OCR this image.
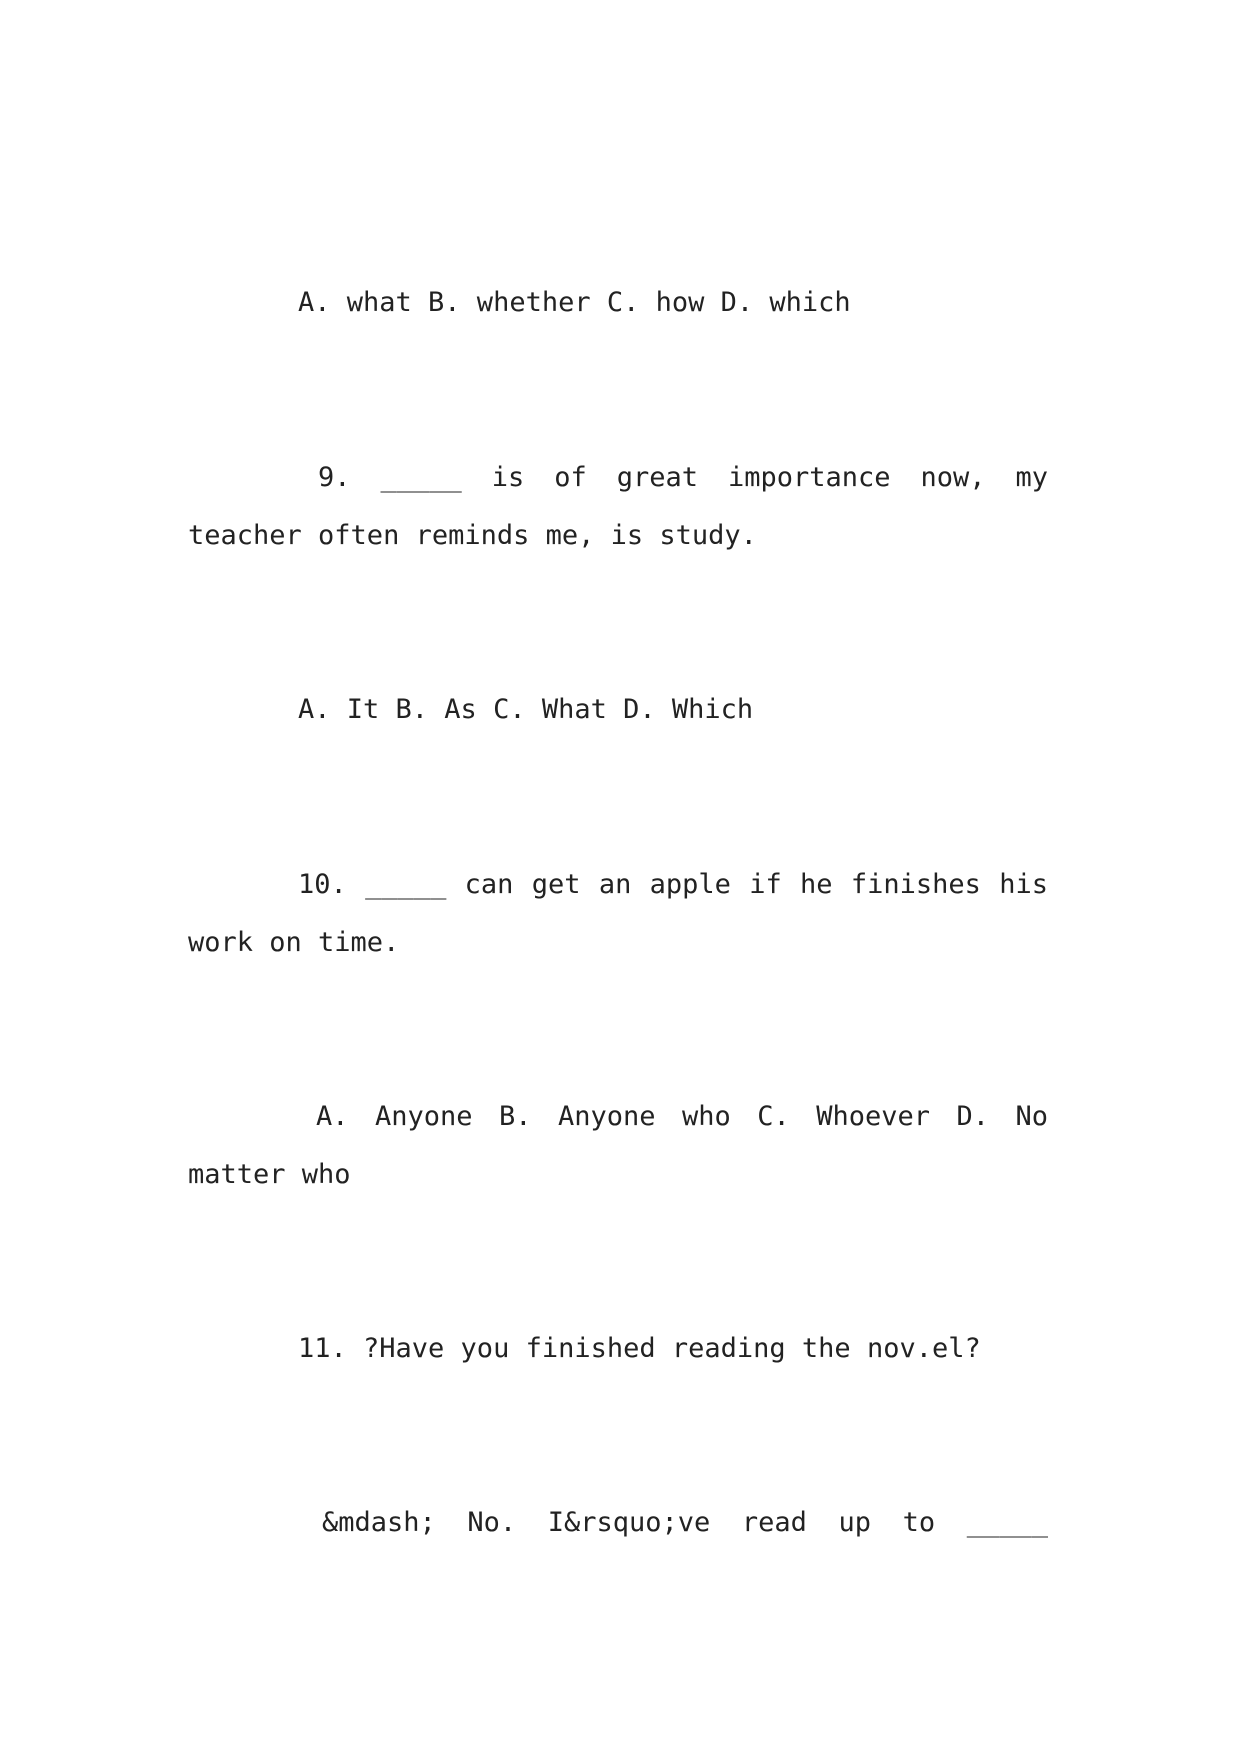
A. what B. whether C. how D. which
9. _____ is of great importance now, my
teacher often reminds me, is study.
A. It B. As C. What D. Which
10. _____ can get an apple if he finishes his
work on time.
A. Anyone B. Anyone who C. Whoever D. No
matter who
11. ?Have you finished reading the nov.el?
&mdash; No. I&rsquo;ve read up to _____
